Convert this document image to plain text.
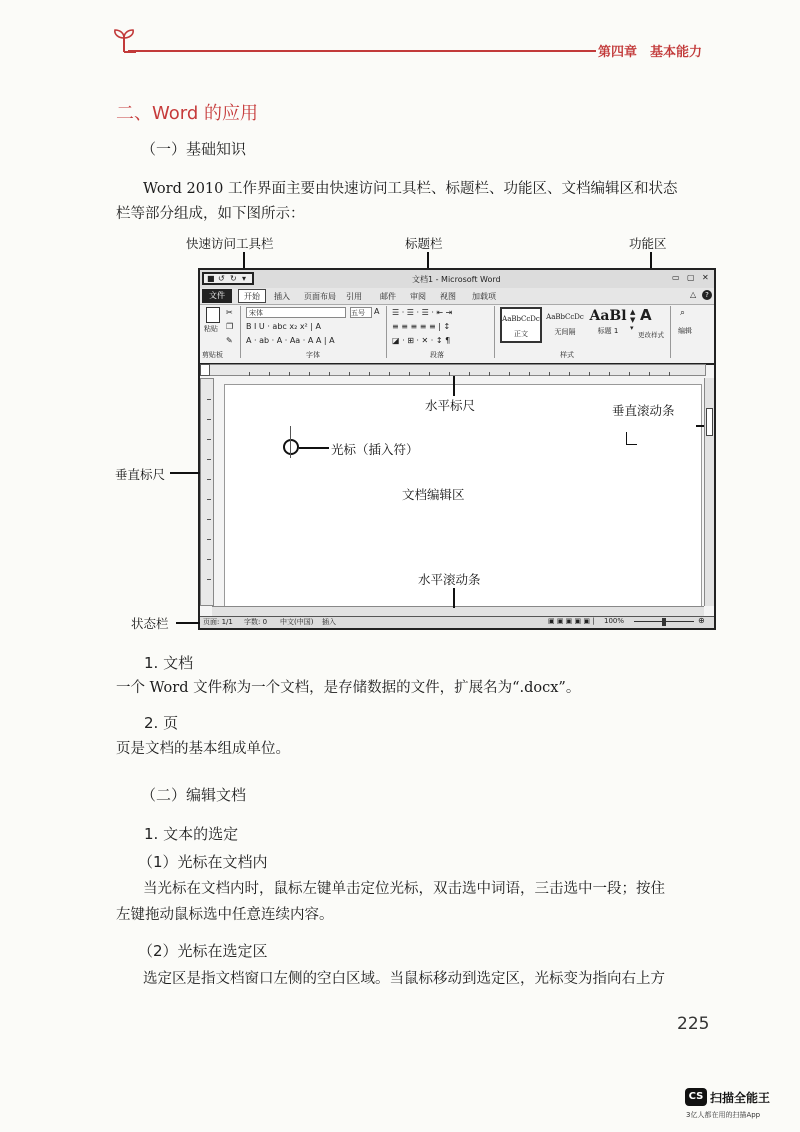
第四章　基本能力
二、Word 的应用
（一）基础知识
Word 2010 工作界面主要由快速访问工具栏、标题栏、功能区、文档编辑区和状态
栏等部分组成，如下图所示：
快速访问工具栏	标题栏	功能区
■ ↺ ↻ ▾	文档1 - Microsoft Word	▭ ▢ ✕
文件	开始	插入 页面布局 引用 邮件 审阅 视图 加载项	△	?
粘贴
✂
❐
✎
剪贴板
宋体	五号	A
B I U · abc x₂ x² | A
A · ab · A · Aa · A A | A
字体
☰ · ☰ · ☰ · ⇤ ⇥
≡ ≡ ≡ ≡ ≡ | ↕
◪ · ⊞ · ✕ · ↕ ¶
段落
AaBbCcDc
正文
AaBbCcDc
无间隔
AaBl
标题 1
▲
▼
▾
A
更改样式
样式
⌕
编辑
页面: 1/1 字数: 0 中文(中国) 插入	▣ ▣ ▣ ▣ ▣ | 100%	⊕
水平标尺	垂直滚动条
光标（插入符）
垂直标尺
文档编辑区
水平滚动条
状态栏
1. 文档
一个 Word 文件称为一个文档，是存储数据的文件，扩展名为“.docx”。
2. 页
页是文档的基本组成单位。
（二）编辑文档
1. 文本的选定
（1）光标在文档内
当光标在文档内时，鼠标左键单击定位光标，双击选中词语，三击选中一段；按住
左键拖动鼠标选中任意连续内容。
（2）光标在选定区
选定区是指文档窗口左侧的空白区域。当鼠标移动到选定区，光标变为指向右上方
225
CS 扫描全能王
3亿人都在用的扫描App
